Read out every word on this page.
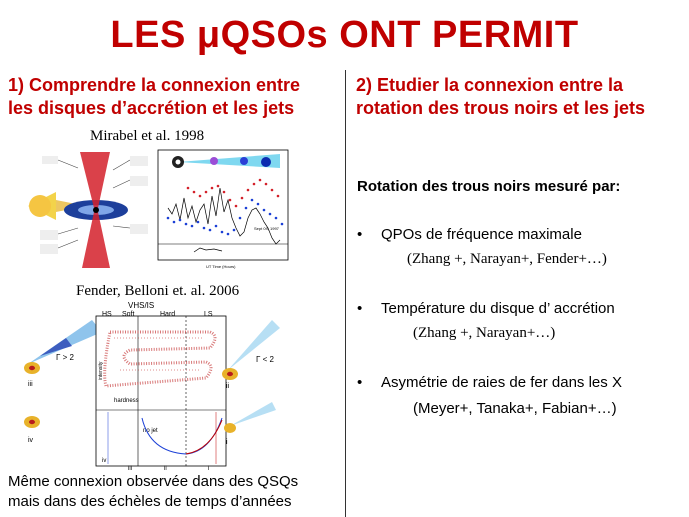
LES μQSOs ONT PERMIT
1) Comprendre la connexion entre
les disques d’accrétion et les jets
2) Etudier la connexion entre la
rotation des trous noirs et les jets
Mirabel et al. 1998
Sept 09, 1997
UT Time (Hours)
Fender, Belloni et. al. 2006
Γ > 2
iii
iv
VHS/IS
HS Soft	Hard	LS
intensity
hardness
no jet
iv
iii	ii	i
Γ < 2
ii
i
Même connexion observée dans des QSQs
mais dans des échèles de temps d’années
Rotation des trous noirs mesuré par:
• QPOs de fréquence maximale
(Zhang +, Narayan+, Fender+…)
• Température du disque d’ accrétion
(Zhang +, Narayan+…)
• Asymétrie de raies de fer dans les X
(Meyer+, Tanaka+, Fabian+…)
